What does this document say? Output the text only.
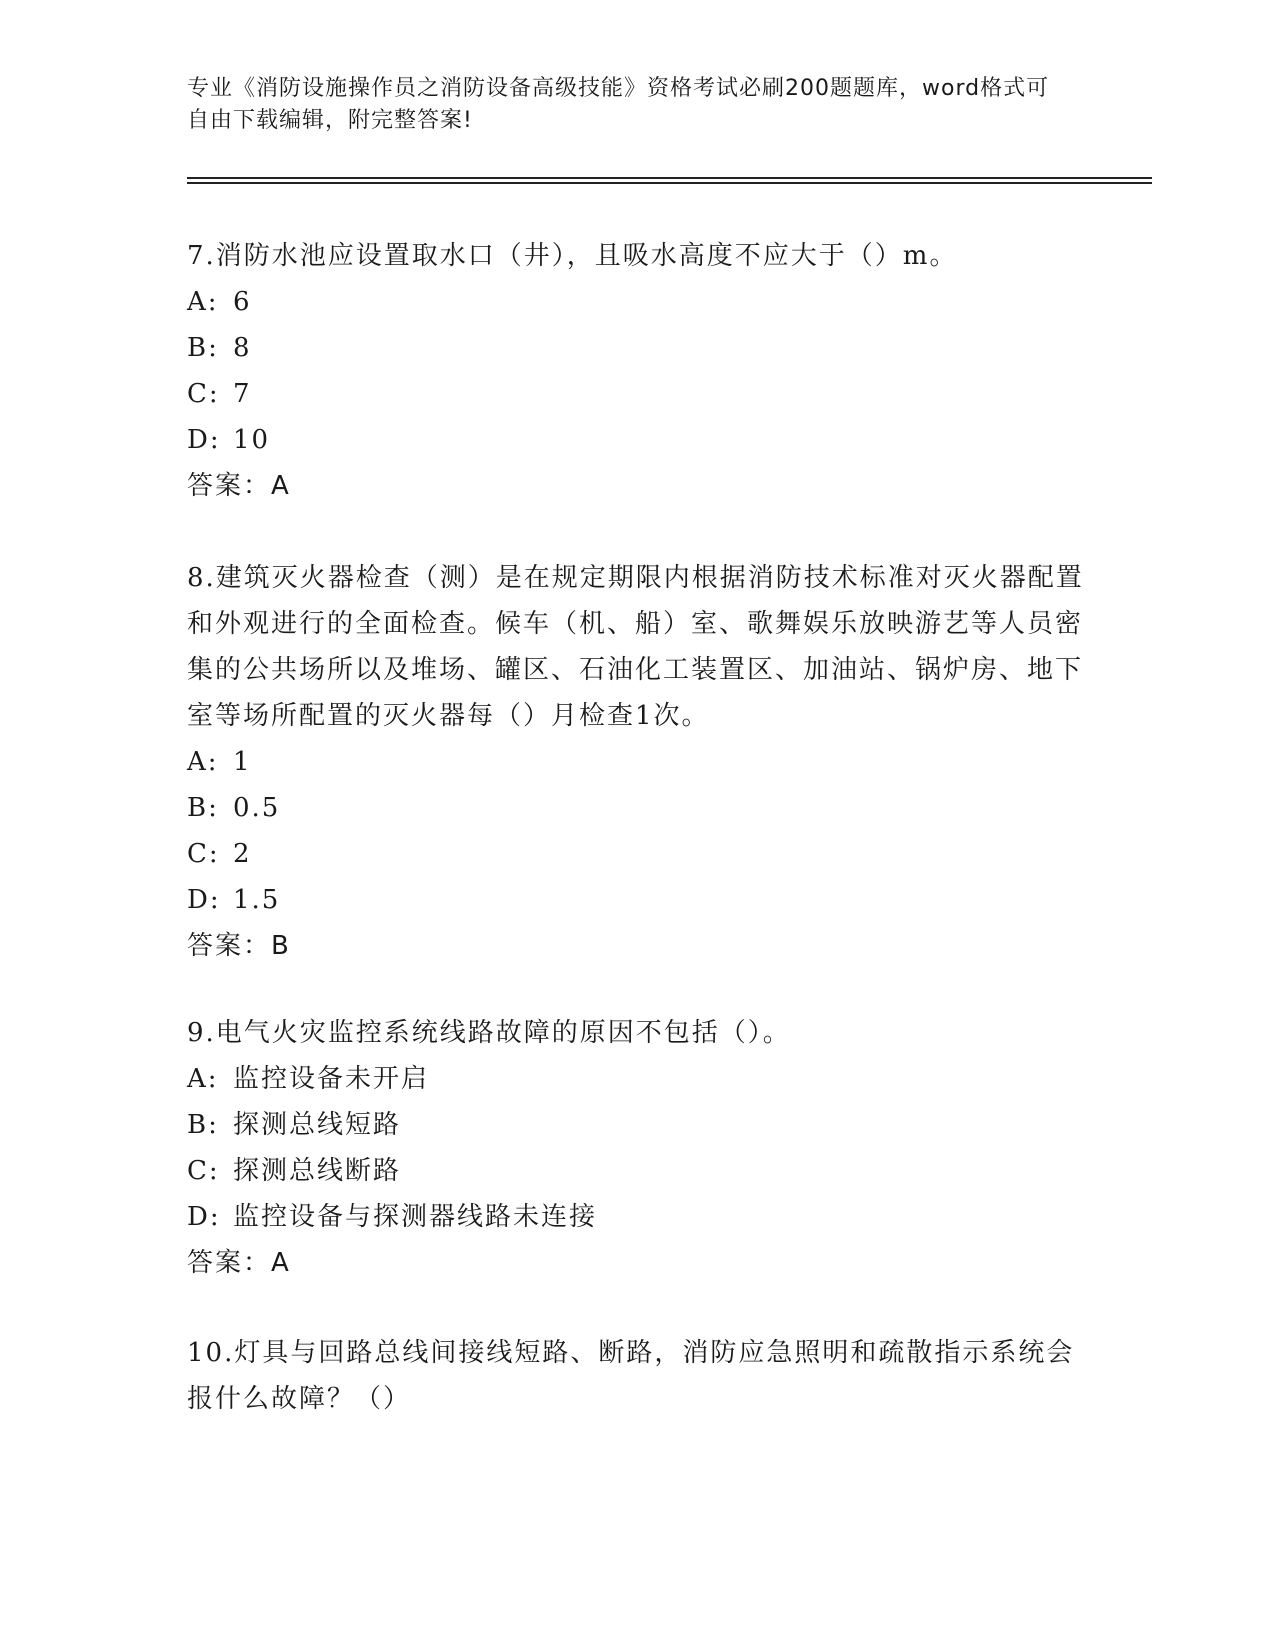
专业《消防设施操作员之消防设备高级技能》资格考试必刷200题题库，word格式可自由下载编辑，附完整答案!

7.消防水池应设置取水口（井），且吸水高度不应大于（）m。

A: 6
B: 8
C: 7
D: 10

答案：A

8.建筑灭火器检查（测）是在规定期限内根据消防技术标准对灭火器配置和外观进行的全面检查。候车（机、船）室、歌舞娱乐放映游艺等人员密集的公共场所以及堆场、罐区、石油化工装置区、加油站、锅炉房、地下室等场所配置的灭火器每（）月检查1次。

A: 1
B: 0.5
C: 2
D: 1.5

答案：B

9.电气火灾监控系统线路故障的原因不包括（）。

A: 监控设备未开启
B: 探测总线短路
C: 探测总线断路
D: 监控设备与探测器线路未连接

答案：A

10.灯具与回路总线间接线短路、断路，消防应急照明和疏散指示系统会报什么故障？（）
